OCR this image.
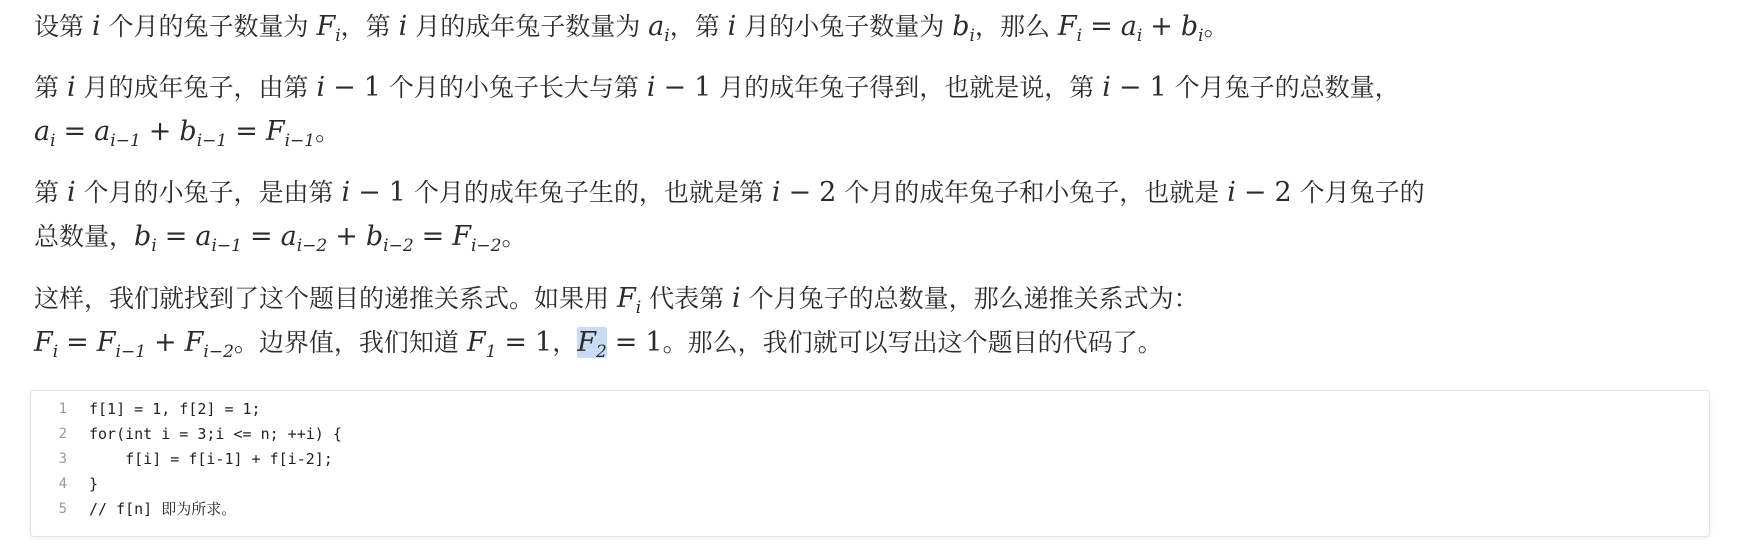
设第 i 个月的兔子数量为 $F_i$，第 i 月的成年兔子数量为 $a_i$，第 i 月的小兔子数量为 $b_i$，那么 $F_i = a_i + b_i$。

第 i 月的成年兔子，由第 i − 1 个月的小兔子长大与第 i − 1 月的成年兔子得到，也就是说，第 i − 1 个月兔子的总数量，
$a_i = a_{i-1} + b_{i-1} = F_{i-1}$。

第 i 个月的小兔子，是由第 i − 1 个月的成年兔子生的，也就是第 i − 2 个月的成年兔子和小兔子，也就是 i − 2 个月兔子的
总数量，$b_i = a_{i-1} = a_{i-2} + b_{i-2} = F_{i-2}$。

这样，我们就找到了这个题目的递推关系式。如果用 $F_i$ 代表第 i 个月兔子的总数量，那么递推关系式为：
$F_i = F_{i-1} + F_{i-2}$。边界值，我们知道 $F_1 = 1$，$F_2 = 1$。那么，我们就可以写出这个题目的代码了。

1 f[1] = 1, f[2] = 1;
2 for(int i = 3;i <= n; ++i) {
3 f[i] = f[i-1] + f[i-2];
4 }
5 // f[n] 即为所求。
